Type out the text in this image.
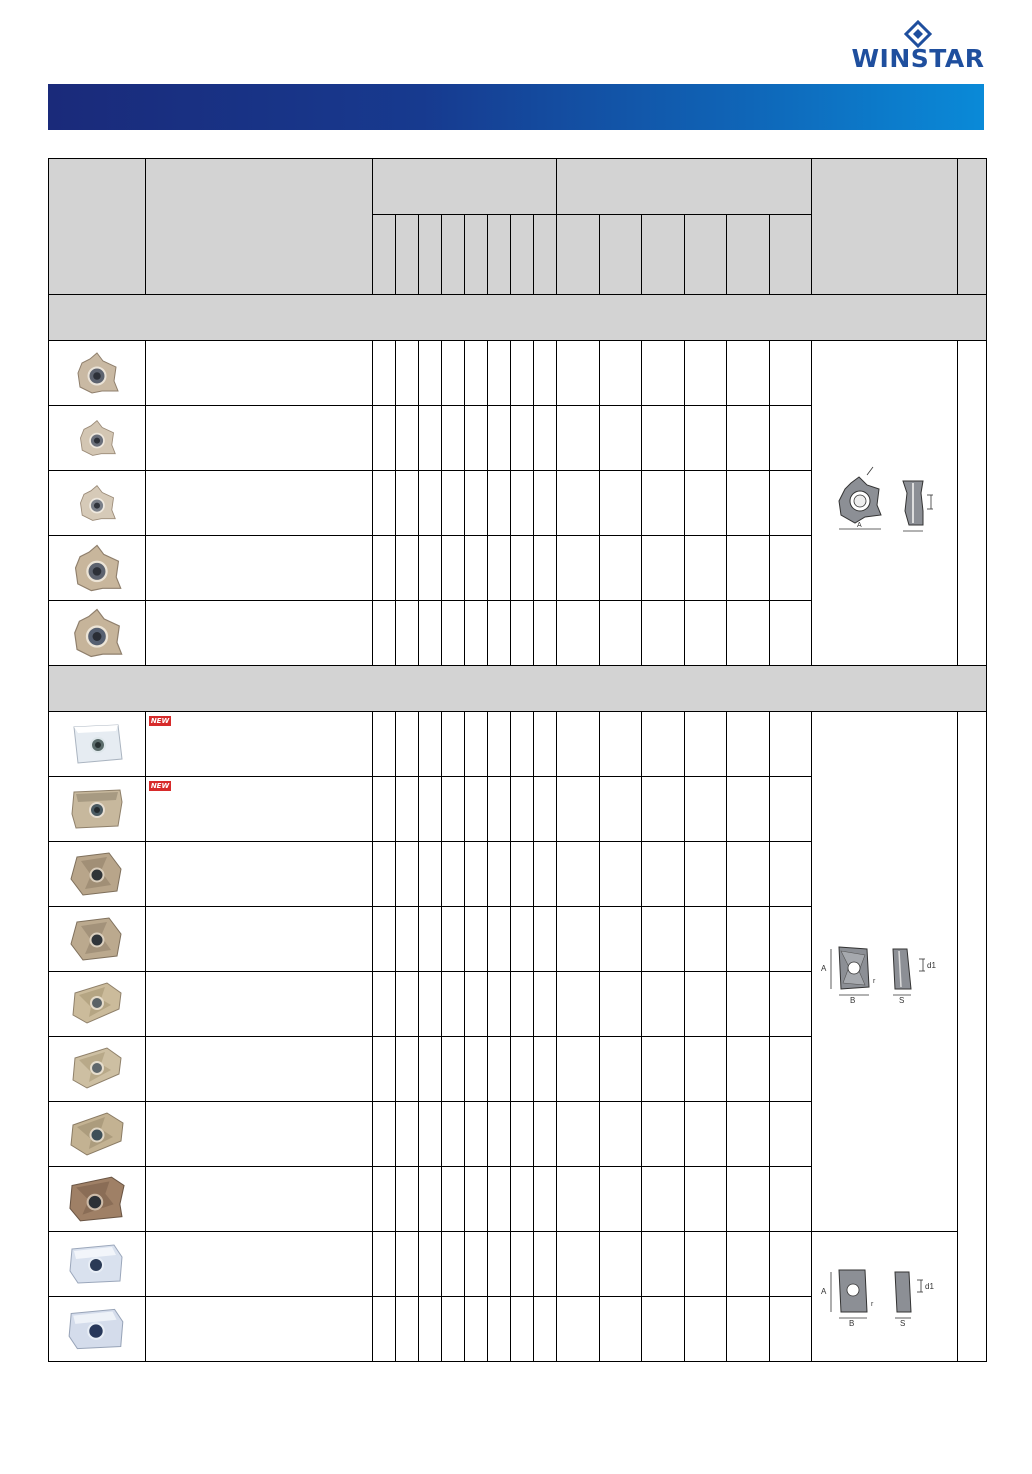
WINSTAR

A	

NEW															A
B
r
d1
S	

NEW																

A
B
r
d1
S	
